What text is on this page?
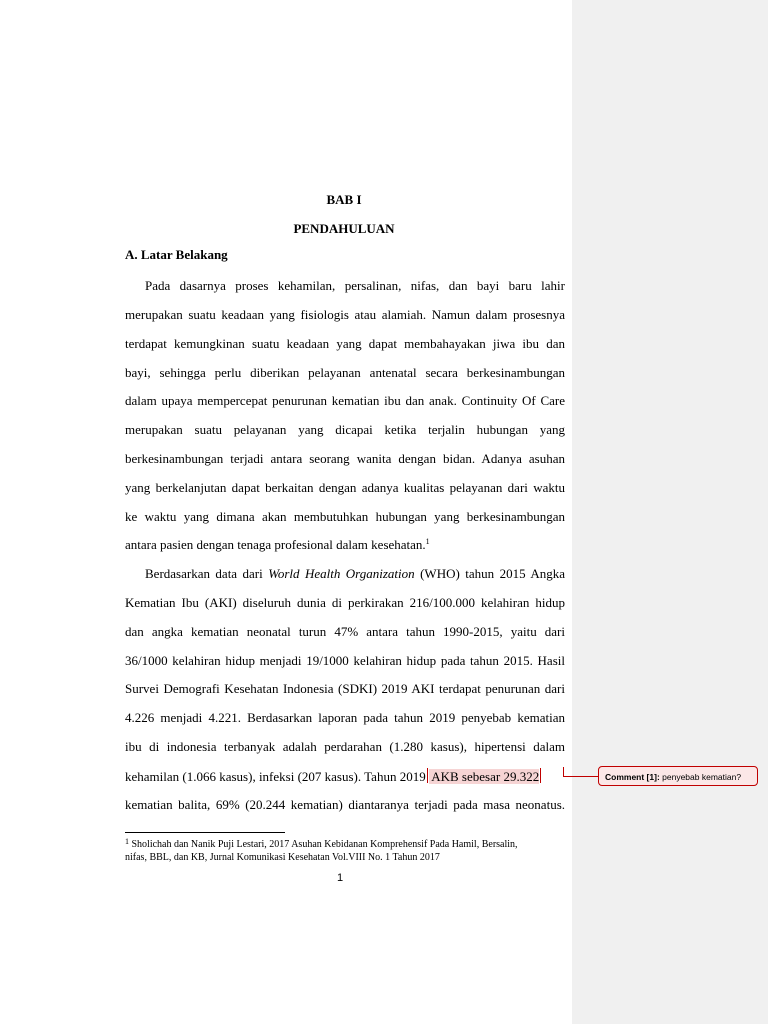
BAB I
PENDAHULUAN
A. Latar Belakang
Pada dasarnya proses kehamilan, persalinan, nifas, dan bayi baru lahir
merupakan suatu keadaan yang fisiologis atau alamiah. Namun dalam prosesnya
terdapat kemungkinan suatu keadaan yang dapat membahayakan jiwa ibu dan
bayi, sehingga perlu diberikan pelayanan antenatal secara berkesinambungan
dalam upaya mempercepat penurunan kematian ibu dan anak. Continuity Of Care
merupakan suatu pelayanan yang dicapai ketika terjalin hubungan yang
berkesinambungan terjadi antara seorang wanita dengan bidan. Adanya asuhan
yang berkelanjutan dapat berkaitan dengan adanya kualitas pelayanan dari waktu
ke waktu yang dimana akan membutuhkan hubungan yang berkesinambungan
antara pasien dengan tenaga profesional dalam kesehatan.$^1$
Berdasarkan data dari World Health Organization (WHO) tahun 2015 Angka
Kematian Ibu (AKI) diseluruh dunia di perkirakan 216/100.000 kelahiran hidup
dan angka kematian neonatal turun 47% antara tahun 1990-2015, yaitu dari
36/1000 kelahiran hidup menjadi 19/1000 kelahiran hidup pada tahun 2015. Hasil
Survei Demografi Kesehatan Indonesia (SDKI) 2019 AKI terdapat penurunan dari
4.226 menjadi 4.221. Berdasarkan laporan pada tahun 2019 penyebab kematian
ibu di indonesia terbanyak adalah perdarahan (1.280 kasus), hipertensi dalam
kehamilan (1.066 kasus), infeksi (207 kasus). Tahun 2019 AKB sebesar 29.322
kematian balita, 69% (20.244 kematian) diantaranya terjadi pada masa neonatus.
$^1$ Sholichah dan Nanik Puji Lestari, 2017 Asuhan Kebidanan Komprehensif Pada Hamil, Bersalin,
nifas, BBL, dan KB, Jurnal Komunikasi Kesehatan Vol.VIII No. 1 Tahun 2017
1
Comment [1]: penyebab kematian?
